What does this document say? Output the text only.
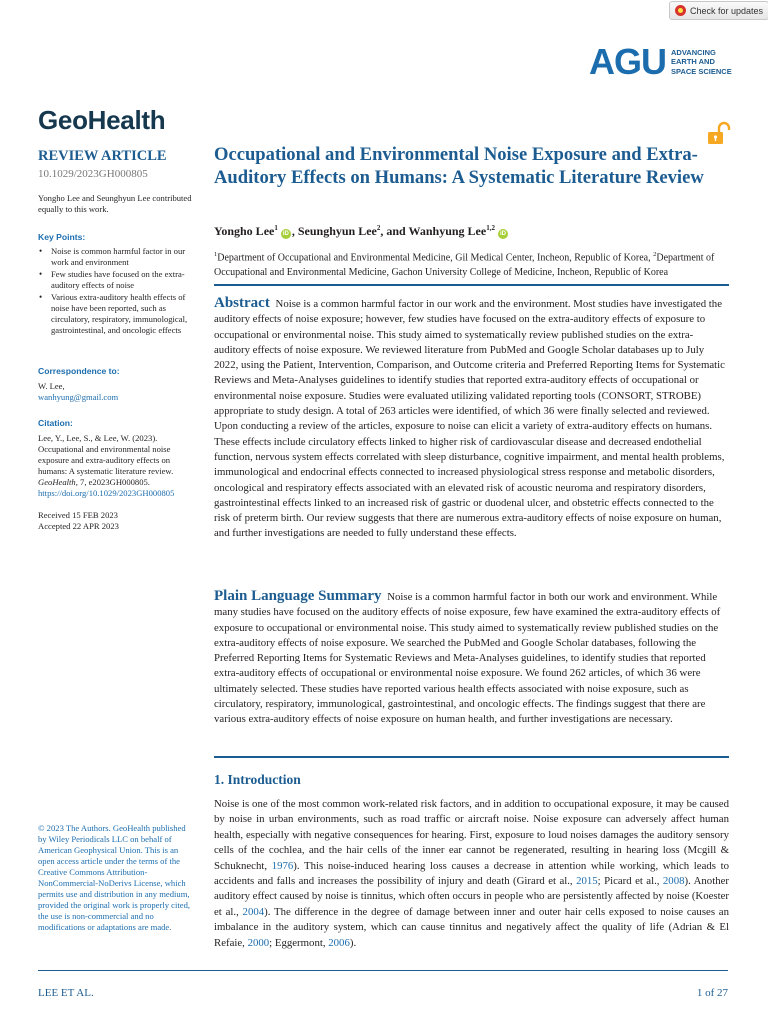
Check for updates
AGU ADVANCING
EARTH AND
SPACE SCIENCE
GeoHealth
REVIEW ARTICLE
10.1029/2023GH000805
Yongho Lee and Seunghyun Lee contributed equally to this work.
Key Points:
• Noise is common harmful factor in our work and environment
• Few studies have focused on the extra-auditory effects of noise
• Various extra-auditory health effects of noise have been reported, such as circulatory, respiratory, immunological, gastrointestinal, and oncologic effects
Correspondence to:
W. Lee,
wanhyung@gmail.com
Citation:
Lee, Y., Lee, S., & Lee, W. (2023). Occupational and environmental noise exposure and extra-auditory effects on humans: A systematic literature review. GeoHealth, 7, e2023GH000805. https://doi.org/10.1029/2023GH000805
Received 15 FEB 2023
Accepted 22 APR 2023
© 2023 The Authors. GeoHealth published by Wiley Periodicals LLC on behalf of American Geophysical Union. This is an open access article under the terms of the Creative Commons Attribution-NonCommercial-NoDerivs License, which permits use and distribution in any medium, provided the original work is properly cited, the use is non-commercial and no modifications or adaptations are made.
Occupational and Environmental Noise Exposure and Extra-Auditory Effects on Humans: A Systematic Literature Review
Yongho Lee$^1$iD , Seunghyun Lee$^2$, and Wanhyung Lee$^{1,2}$iD
$^1$Department of Occupational and Environmental Medicine, Gil Medical Center, Incheon, Republic of Korea, $^2$Department of Occupational and Environmental Medicine, Gachon University College of Medicine, Incheon, Republic of Korea
Abstract Noise is a common harmful factor in our work and the environment. Most studies have investigated the auditory effects of noise exposure; however, few studies have focused on the extra-auditory effects of exposure to occupational or environmental noise. This study aimed to systematically review published studies on the extra-auditory effects of noise exposure. We reviewed literature from PubMed and Google Scholar databases up to July 2022, using the Patient, Intervention, Comparison, and Outcome criteria and Preferred Reporting Items for Systematic Reviews and Meta-Analyses guidelines to identify studies that reported extra-auditory effects of occupational or environmental noise exposure. Studies were evaluated utilizing validated reporting tools (CONSORT, STROBE) appropriate to study design. A total of 263 articles were identified, of which 36 were finally selected and reviewed. Upon conducting a review of the articles, exposure to noise can elicit a variety of extra-auditory effects on humans. These effects include circulatory effects linked to higher risk of cardiovascular disease and decreased endothelial function, nervous system effects correlated with sleep disturbance, cognitive impairment, and mental health problems, immunological and endocrinal effects connected to increased physiological stress response and metabolic disorders, oncological and respiratory effects associated with an elevated risk of acoustic neuroma and respiratory disorders, gastrointestinal effects linked to an increased risk of gastric or duodenal ulcer, and obstetric effects connected to the risk of preterm birth. Our review suggests that there are numerous extra-auditory effects of noise exposure on human, and further investigations are needed to fully understand these effects.
Plain Language Summary Noise is a common harmful factor in both our work and environment. While many studies have focused on the auditory effects of noise exposure, few have examined the extra-auditory effects of exposure to occupational or environmental noise. This study aimed to systematically review published studies on the extra-auditory effects of noise exposure. We searched the PubMed and Google Scholar databases, following the Preferred Reporting Items for Systematic Reviews and Meta-Analyses guidelines, to identify studies that reported extra-auditory effects of occupational or environmental noise exposure. We found 262 articles, of which 36 were ultimately selected. These studies have reported various health effects associated with noise exposure, such as circulatory, respiratory, immunological, gastrointestinal, and oncologic effects. The findings suggest that there are various extra-auditory effects of noise exposure on human health, and further investigations are necessary.
1. Introduction
Noise is one of the most common work-related risk factors, and in addition to occupational exposure, it may be caused by noise in urban environments, such as road traffic or aircraft noise. Noise exposure can adversely affect human health, especially with negative consequences for hearing. First, exposure to loud noises damages the auditory sensory cells of the cochlea, and the hair cells of the inner ear cannot be regenerated, resulting in hearing loss (Mcgill & Schuknecht, 1976). This noise-induced hearing loss causes a decrease in attention while working, which leads to accidents and falls and increases the possibility of injury and death (Girard et al., 2015; Picard et al., 2008). Another auditory effect caused by noise is tinnitus, which often occurs in people who are persistently affected by noise (Koester et al., 2004). The difference in the degree of damage between inner and outer hair cells exposed to noise causes an imbalance in the auditory system, which can cause tinnitus and negatively affect the quality of life (Adrian & El Refaie, 2000; Eggermont, 2006).
LEE ET AL.	1 of 27
